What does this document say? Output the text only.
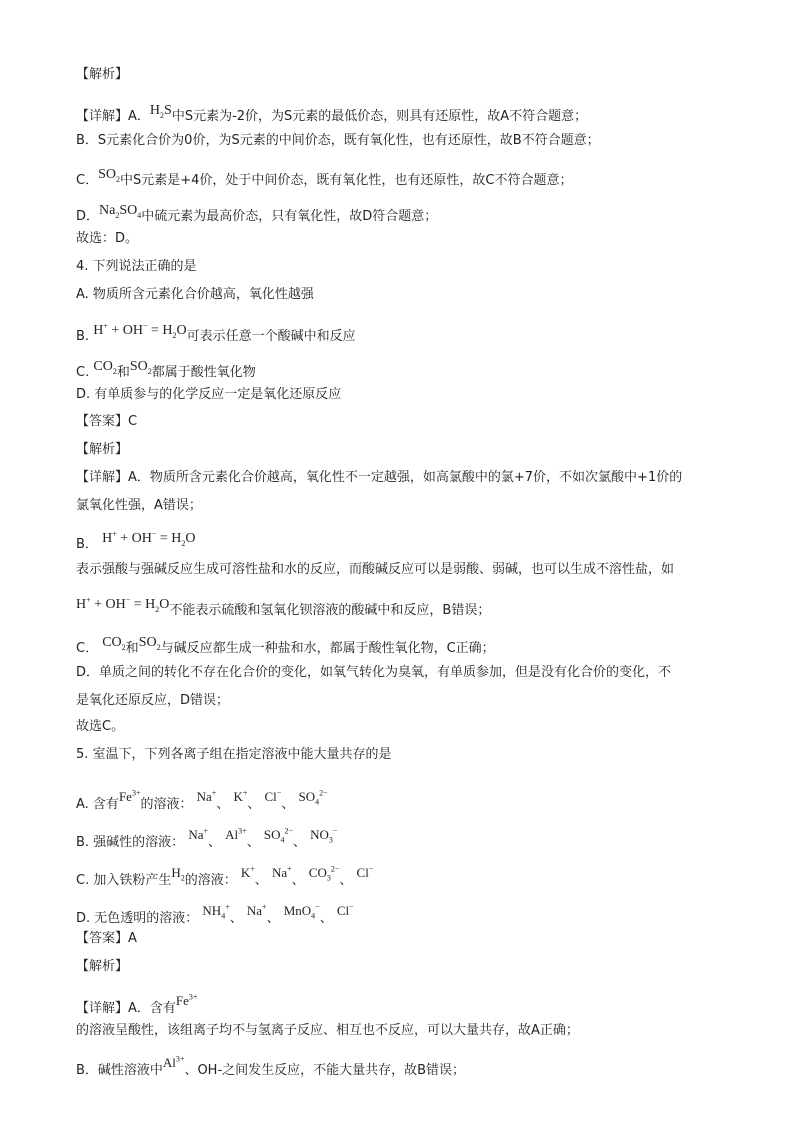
【解析】
【详解】A．$H_2S$中S元素为-2价，为S元素的最低价态，则具有还原性，故A不符合题意；
B．S元素化合价为0价，为S元素的中间价态，既有氧化性，也有还原性，故B不符合题意；
C．$SO_2$中S元素是+4价，处于中间价态，既有氧化性，也有还原性，故C不符合题意；
D．$Na_2SO_4$中硫元素为最高价态，只有氧化性，故D符合题意；
故选：D。
4. 下列说法正确的是
A. 物质所含元素化合价越高，氧化性越强
B. $H^+ + OH^- = H_2O$可表示任意一个酸碱中和反应
C. $CO_2$和$SO_2$都属于酸性氧化物
D. 有单质参与的化学反应一定是氧化还原反应
【答案】C
【解析】
【详解】A．物质所含元素化合价越高，氧化性不一定越强，如高氯酸中的氯+7价，不如次氯酸中+1价的
氯氧化性强，A错误；
B． $H^+ + OH^- = H_2O$
表示强酸与强碱反应生成可溶性盐和水的反应，而酸碱反应可以是弱酸、弱碱，也可以生成不溶性盐，如
$H^+ + OH^- = H_2O$不能表示硫酸和氢氧化钡溶液的酸碱中和反应，B错误；
C． $CO_2$和$SO_2$与碱反应都生成一种盐和水，都属于酸性氧化物，C正确；
D．单质之间的转化不存在化合价的变化，如氧气转化为臭氧，有单质参加，但是没有化合价的变化，不
是氧化还原反应，D错误；
故选C。
5. 室温下，下列各离子组在指定溶液中能大量共存的是
A. 含有$Fe^{3+}$的溶液： Na+、 K+、 Cl−、 $SO_4^{2-}$
B. 强碱性的溶液： Na+、 $Al^{3+}$、 $SO_4^{2-}$、 $NO_3^-$
C. 加入铁粉产生$H_2$的溶液： K+、 Na+、 $CO_3^{2-}$、 Cl−
D. 无色透明的溶液： $NH_4^+$、 Na+、 MnO$_4$−、 Cl−
【答案】A
【解析】
【详解】A．含有$Fe^{3+}$
的溶液呈酸性，该组离子均不与氢离子反应、相互也不反应，可以大量共存，故A正确；
B．碱性溶液中$Al^{3+}$、OH-之间发生反应，不能大量共存，故B错误；
